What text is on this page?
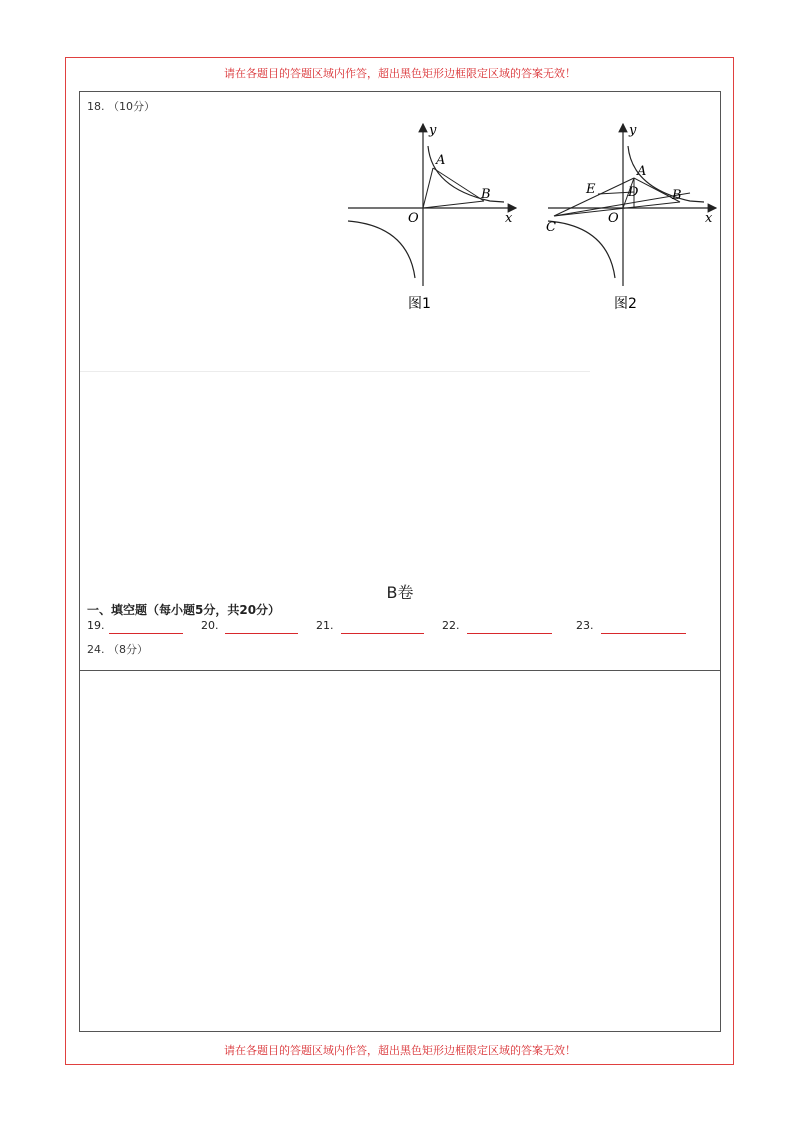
请在各题目的答题区域内作答，超出黑色矩形边框限定区域的答案无效！
18. （10分）
y
x
A
B
O
图1
y
x
A
B
O
C
D
E
图2
B卷
一、填空题（每小题5分，共20分）
19.	20.	21.	22.	23.
24. （8分）
请在各题目的答题区域内作答，超出黑色矩形边框限定区域的答案无效！
